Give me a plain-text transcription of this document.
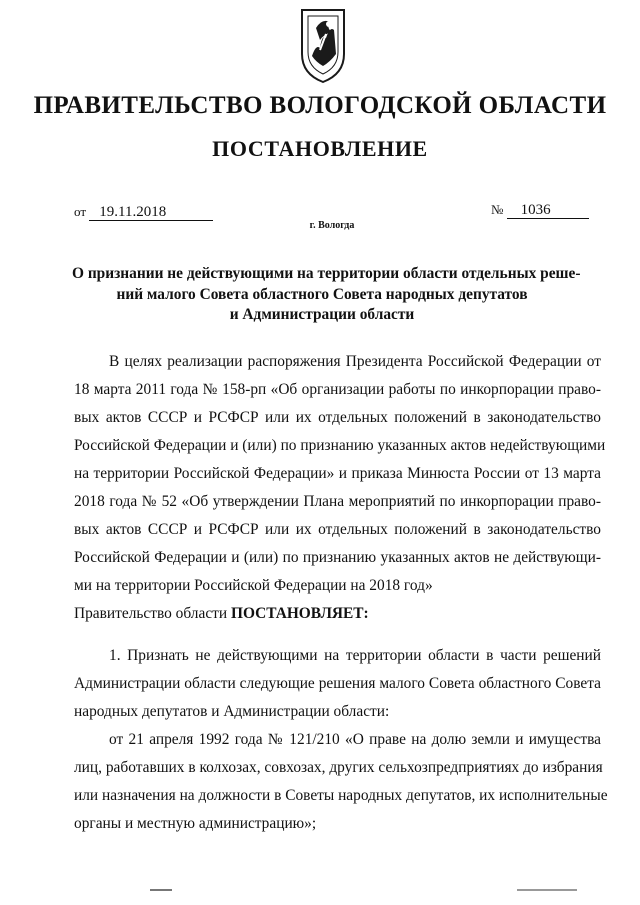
ПРАВИТЕЛЬСТВО ВОЛОГОДСКОЙ ОБЛАСТИ
ПОСТАНОВЛЕНИЕ
от 19.11.2018	№ 1036
г. Вологда
О признании не действующими на территории области отдельных реше-
ний малого Совета областного Совета народных депутатов
и Администрации области
В целях реализации распоряжения Президента Российской Федерации от
18 марта 2011 года № 158-рп «Об организации работы по инкорпорации право-
вых актов СССР и РСФСР или их отдельных положений в законодательство
Российской Федерации и (или) по признанию указанных актов недействующими
на территории Российской Федерации» и приказа Минюста России от 13 марта
2018 года № 52 «Об утверждении Плана мероприятий по инкорпорации право-
вых актов СССР и РСФСР или их отдельных положений в законодательство
Российской Федерации и (или) по признанию указанных актов не действующи-
ми на территории Российской Федерации на 2018 год»
Правительство области ПОСТАНОВЛЯЕТ:
1. Признать не действующими на территории области в части решений
Администрации области следующие решения малого Совета областного Совета
народных депутатов и Администрации области:
от 21 апреля 1992 года № 121/210 «О праве на долю земли и имущества
лиц, работавших в колхозах, совхозах, других сельхозпредприятиях до избрания
или назначения на должности в Советы народных депутатов, их исполнительные
органы и местную администрацию»;
